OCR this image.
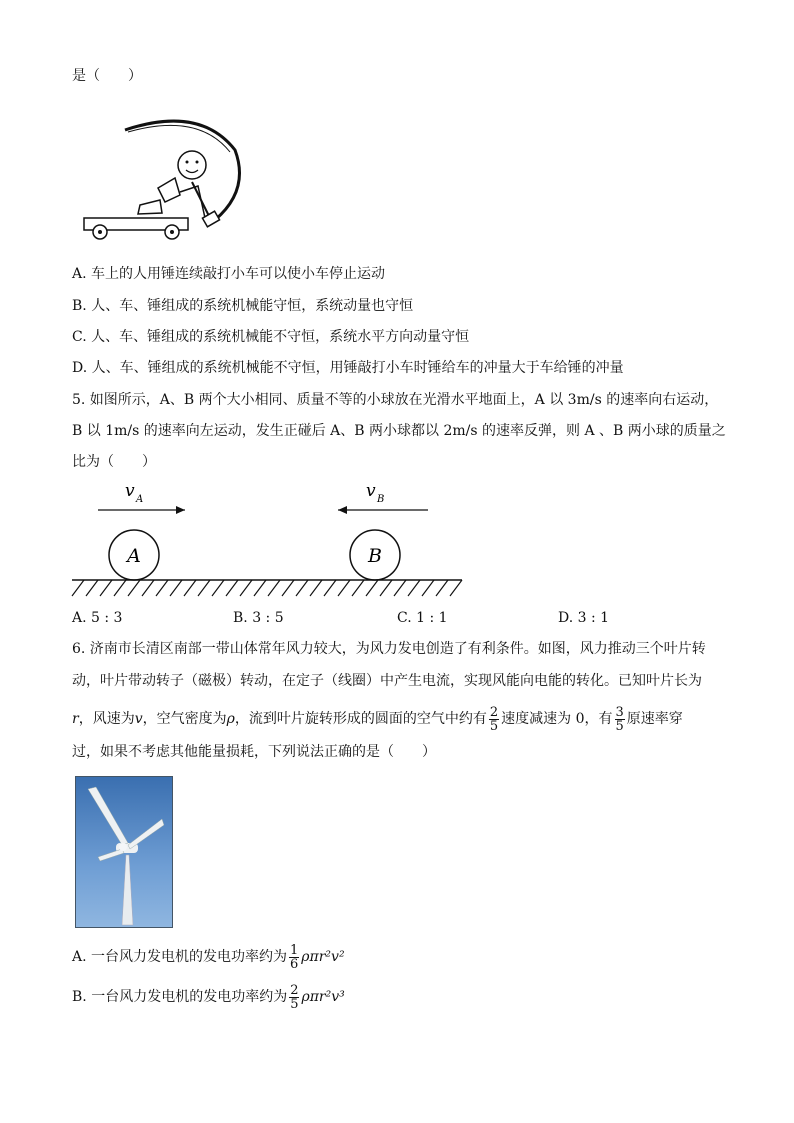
是（　　）
A. 车上的人用锤连续敲打小车可以使小车停止运动
B. 人、车、锤组成的系统机械能守恒，系统动量也守恒
C. 人、车、锤组成的系统机械能不守恒，系统水平方向动量守恒
D. 人、车、锤组成的系统机械能不守恒，用锤敲打小车时锤给车的冲量大于车给锤的冲量
5. 如图所示，A、B 两个大小相同、质量不等的小球放在光滑水平地面上，A 以 3m/s 的速率向右运动，
B 以 1m/s 的速率向左运动，发生正碰后 A、B 两小球都以 2m/s 的速率反弹，则 A 、B 两小球的质量之
比为（　　）
v A	v B
A	B
A. 5 : 3	B. 3 : 5	C. 1 : 1	D. 3 : 1
6. 济南市长清区南部一带山体常年风力较大，为风力发电创造了有利条件。如图，风力推动三个叶片转
动，叶片带动转子（磁极）转动，在定子（线圈）中产生电流，实现风能向电能的转化。已知叶片长为
r，风速为v，空气密度为ρ，流到叶片旋转形成的圆面的空气中约有 $\frac{2}{5}$ 速度减速为 0，有 $\frac{3}{5}$ 原速率穿
过，如果不考虑其他能量损耗，下列说法正确的是（　　）
A. 一台风力发电机的发电功率约为 $\frac{1}{6} \rho\pi r^2v^2$
B. 一台风力发电机的发电功率约为 $\frac{2}{5} \rho\pi r^2v^3$
